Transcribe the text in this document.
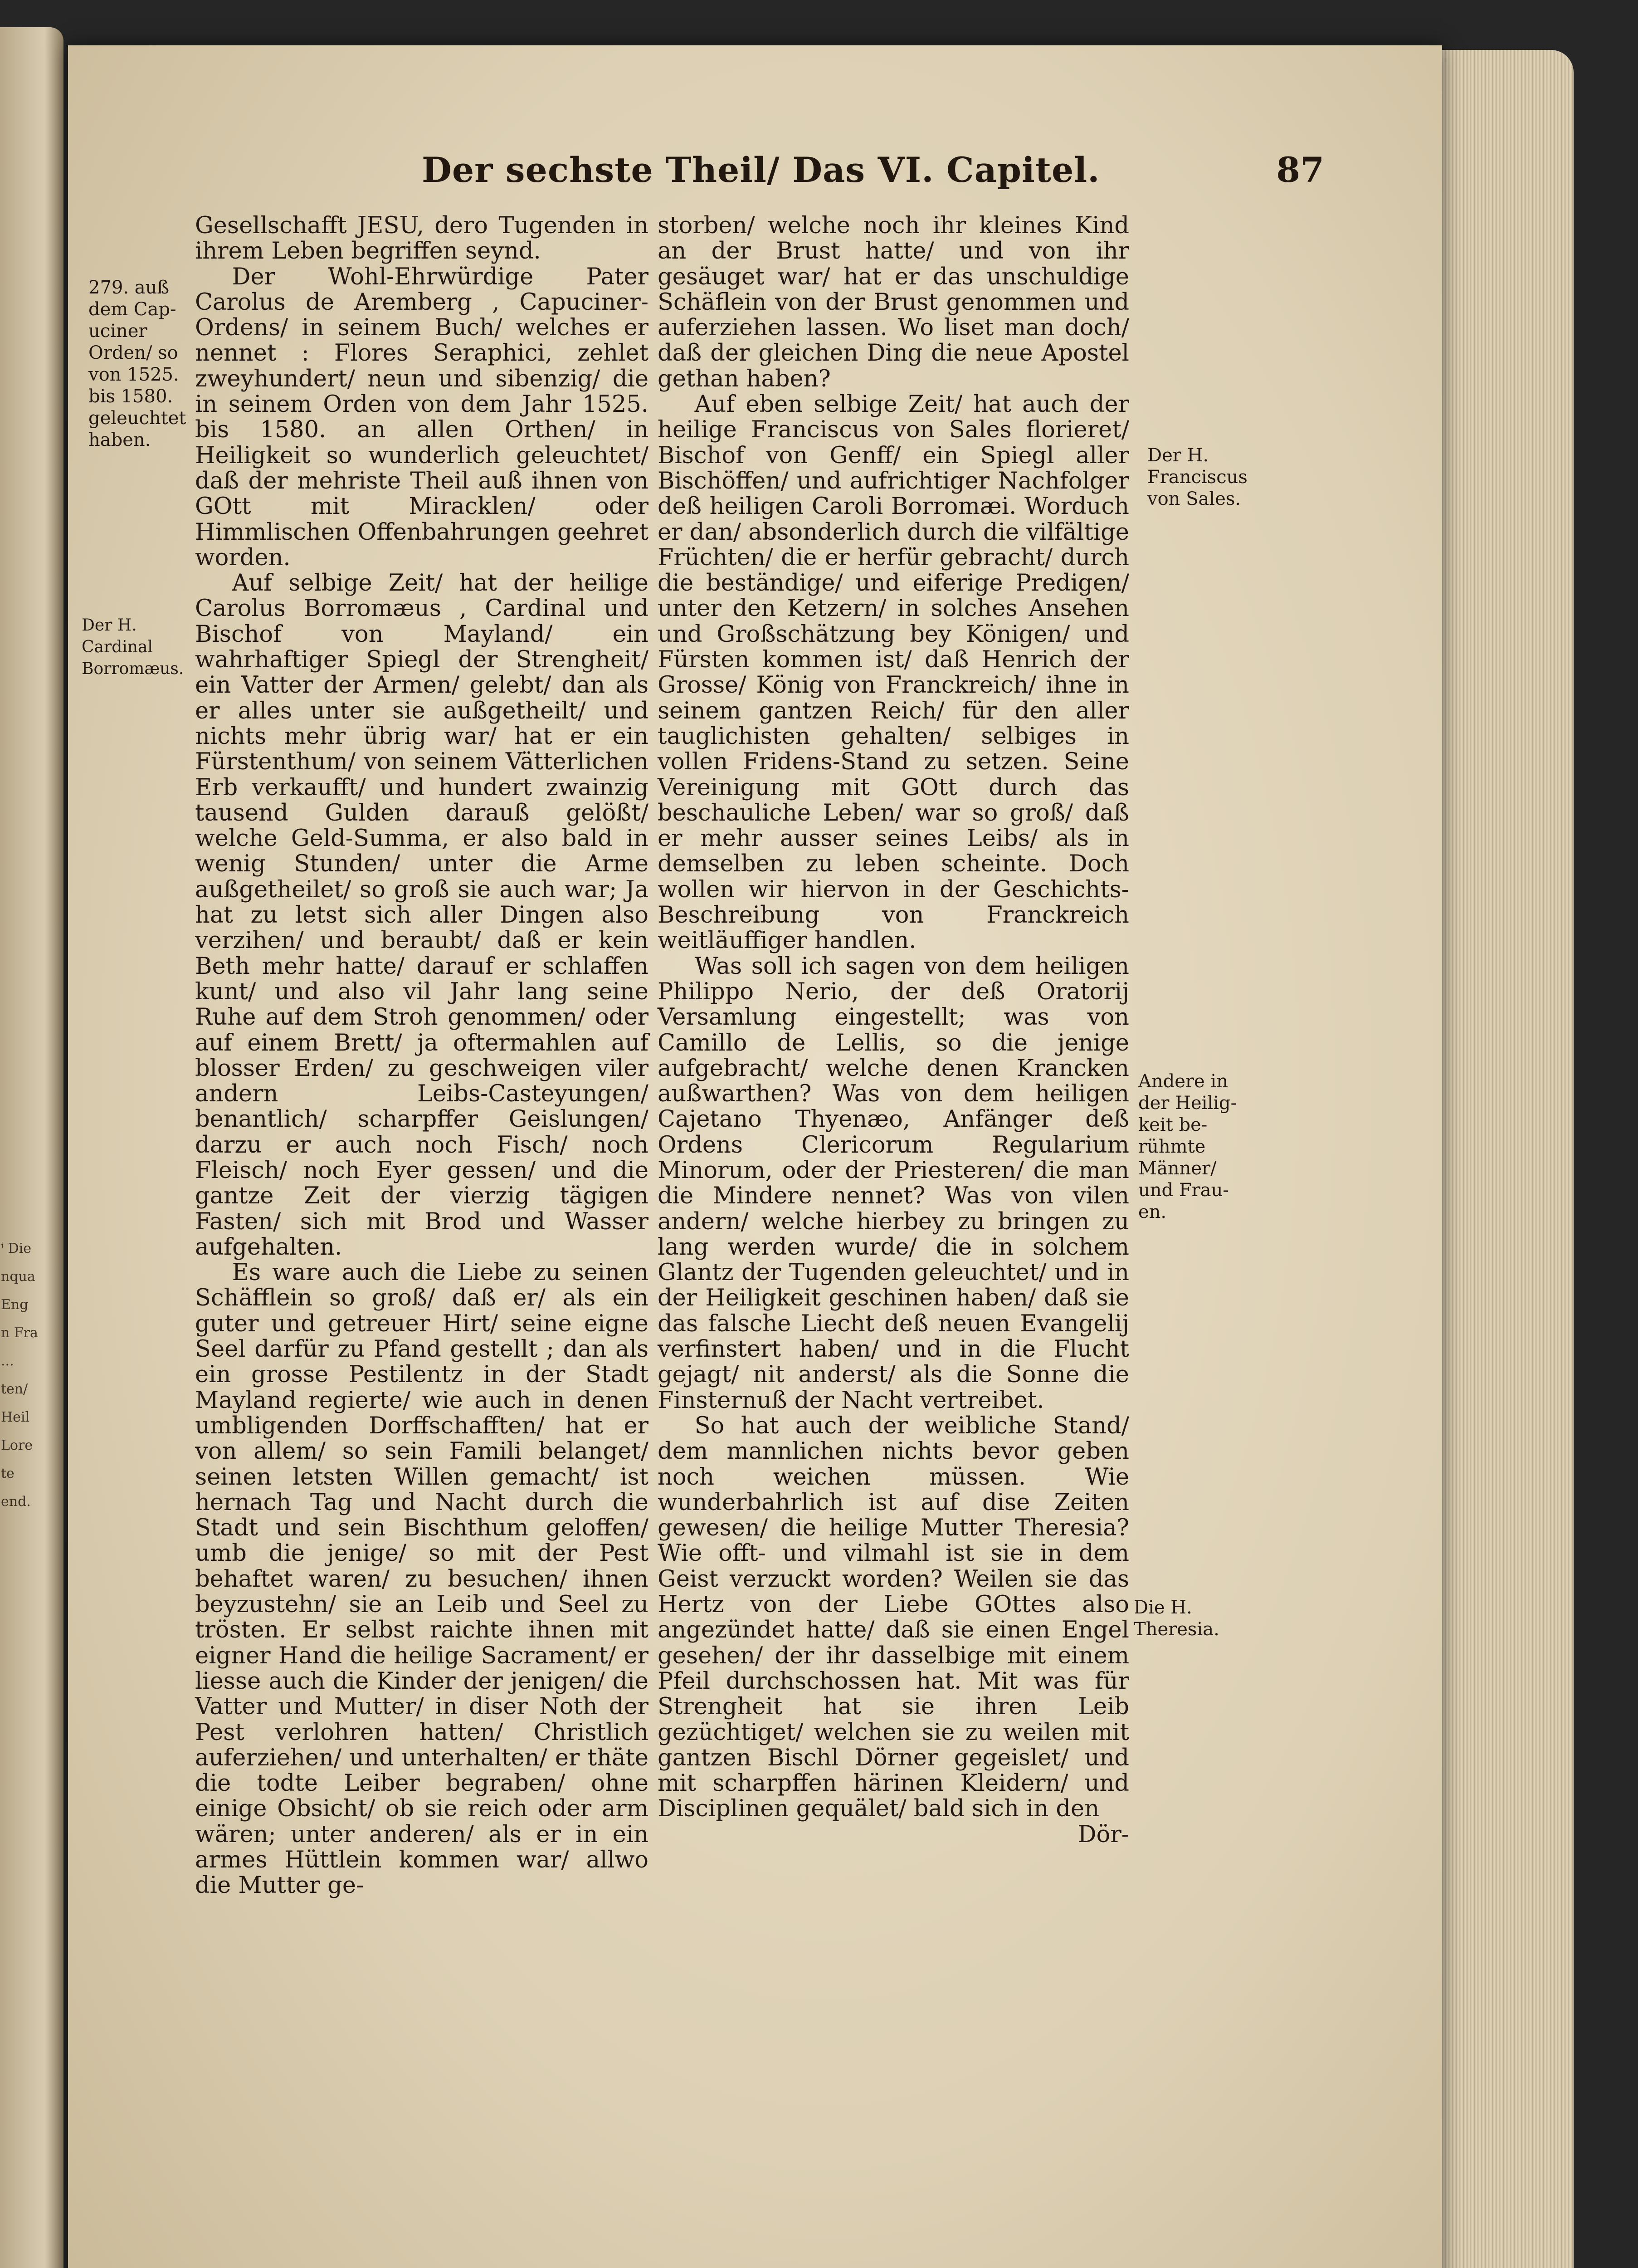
ⁱ Die
nqua
Eng
n Fra
...
ten/
Heil
Lore
te
end.

Der sechste Theil/ Das VI. Capitel.	87
279. auß
dem Cap-
uciner
Orden/ so
von 1525.
bis 1580.
geleuchtet
haben.
Der H.
Cardinal
Borromæus.
Der H.
Franciscus
von Sales.
Andere in
der Heilig-
keit be-
rühmte
Männer/
und Frau-
en.
Die H.
Theresia.

Gesellschafft JESU, dero Tugenden in ihrem Leben begriffen seynd.

Der Wohl-Ehrwürdige Pater Carolus de Aremberg , Capuciner-Ordens/ in seinem Buch/ welches er nennet : Flores Seraphici, zehlet zweyhundert/ neun und sibenzig/ die in seinem Orden von dem Jahr 1525. bis 1580. an allen Orthen/ in Heiligkeit so wunderlich geleuchtet/ daß der mehriste Theil auß ihnen von GOtt mit Miracklen/ oder Himmlischen Offenbahrungen geehret worden.

Auf selbige Zeit/ hat der heilige Carolus Borromæus , Cardinal und Bischof von Mayland/ ein wahrhaftiger Spiegl der Strengheit/ ein Vatter der Armen/ gelebt/ dan als er alles unter sie außgetheilt/ und nichts mehr übrig war/ hat er ein Fürstenthum/ von seinem Vätterlichen Erb verkaufft/ und hundert zwainzig tausend Gulden darauß gelößt/ welche Geld-Summa, er also bald in wenig Stunden/ unter die Arme außgetheilet/ so groß sie auch war; Ja hat zu letst sich aller Dingen also verzihen/ und beraubt/ daß er kein Beth mehr hatte/ darauf er schlaffen kunt/ und also vil Jahr lang seine Ruhe auf dem Stroh genommen/ oder auf einem Brett/ ja oftermahlen auf blosser Erden/ zu geschweigen viler andern Leibs-Casteyungen/ benantlich/ scharpffer Geislungen/ darzu er auch noch Fisch/ noch Fleisch/ noch Eyer gessen/ und die gantze Zeit der vierzig tägigen Fasten/ sich mit Brod und Wasser aufgehalten.

Es ware auch die Liebe zu seinen Schäfflein so groß/ daß er/ als ein guter und getreuer Hirt/ seine eigne Seel darfür zu Pfand gestellt ; dan als ein grosse Pestilentz in der Stadt Mayland regierte/ wie auch in denen umbligenden Dorffschafften/ hat er von allem/ so sein Famili belanget/ seinen letsten Willen gemacht/ ist hernach Tag und Nacht durch die Stadt und sein Bischthum geloffen/ umb die jenige/ so mit der Pest behaftet waren/ zu besuchen/ ihnen beyzustehn/ sie an Leib und Seel zu trösten. Er selbst raichte ihnen mit eigner Hand die heilige Sacrament/ er liesse auch die Kinder der jenigen/ die Vatter und Mutter/ in diser Noth der Pest verlohren hatten/ Christlich auferziehen/ und unterhalten/ er thäte die todte Leiber begraben/ ohne einige Obsicht/ ob sie reich oder arm wären; unter anderen/ als er in ein armes Hüttlein kommen war/ allwo die Mutter ge-

storben/ welche noch ihr kleines Kind an der Brust hatte/ und von ihr gesäuget war/ hat er das unschuldige Schäflein von der Brust genommen und auferziehen lassen. Wo liset man doch/ daß der gleichen Ding die neue Apostel gethan haben?

Auf eben selbige Zeit/ hat auch der heilige Franciscus von Sales florieret/ Bischof von Genff/ ein Spiegl aller Bischöffen/ und aufrichtiger Nachfolger deß heiligen Caroli Borromæi. Worduch er dan/ absonderlich durch die vilfältige Früchten/ die er herfür gebracht/ durch die beständige/ und eiferige Predigen/ unter den Ketzern/ in solches Ansehen und Großschätzung bey Königen/ und Fürsten kommen ist/ daß Henrich der Grosse/ König von Franckreich/ ihne in seinem gantzen Reich/ für den aller tauglichisten gehalten/ selbiges in vollen Fridens-Stand zu setzen. Seine Vereinigung mit GOtt durch das beschauliche Leben/ war so groß/ daß er mehr ausser seines Leibs/ als in demselben zu leben scheinte. Doch wollen wir hiervon in der Geschichts-Beschreibung von Franckreich weitläuffiger handlen.

Was soll ich sagen von dem heiligen Philippo Nerio, der deß Oratorij Versamlung eingestellt; was von Camillo de Lellis, so die jenige aufgebracht/ welche denen Krancken außwarthen? Was von dem heiligen Cajetano Thyenæo, Anfänger deß Ordens Clericorum Regularium Minorum, oder der Priesteren/ die man die Mindere nennet? Was von vilen andern/ welche hierbey zu bringen zu lang werden wurde/ die in solchem Glantz der Tugenden geleuchtet/ und in der Heiligkeit geschinen haben/ daß sie das falsche Liecht deß neuen Evangelij verfinstert haben/ und in die Flucht gejagt/ nit anderst/ als die Sonne die Finsternuß der Nacht vertreibet.

So hat auch der weibliche Stand/ dem mannlichen nichts bevor geben noch weichen müssen. Wie wunderbahrlich ist auf dise Zeiten gewesen/ die heilige Mutter Theresia? Wie offt- und vilmahl ist sie in dem Geist verzuckt worden? Weilen sie das Hertz von der Liebe GOttes also angezündet hatte/ daß sie einen Engel gesehen/ der ihr dasselbige mit einem Pfeil durchschossen hat. Mit was für Strengheit hat sie ihren Leib gezüchtiget/ welchen sie zu weilen mit gantzen Bischl Dörner gegeislet/ und mit scharpffen härinen Kleidern/ und Disciplinen gequälet/ bald sich in den

Dör-
